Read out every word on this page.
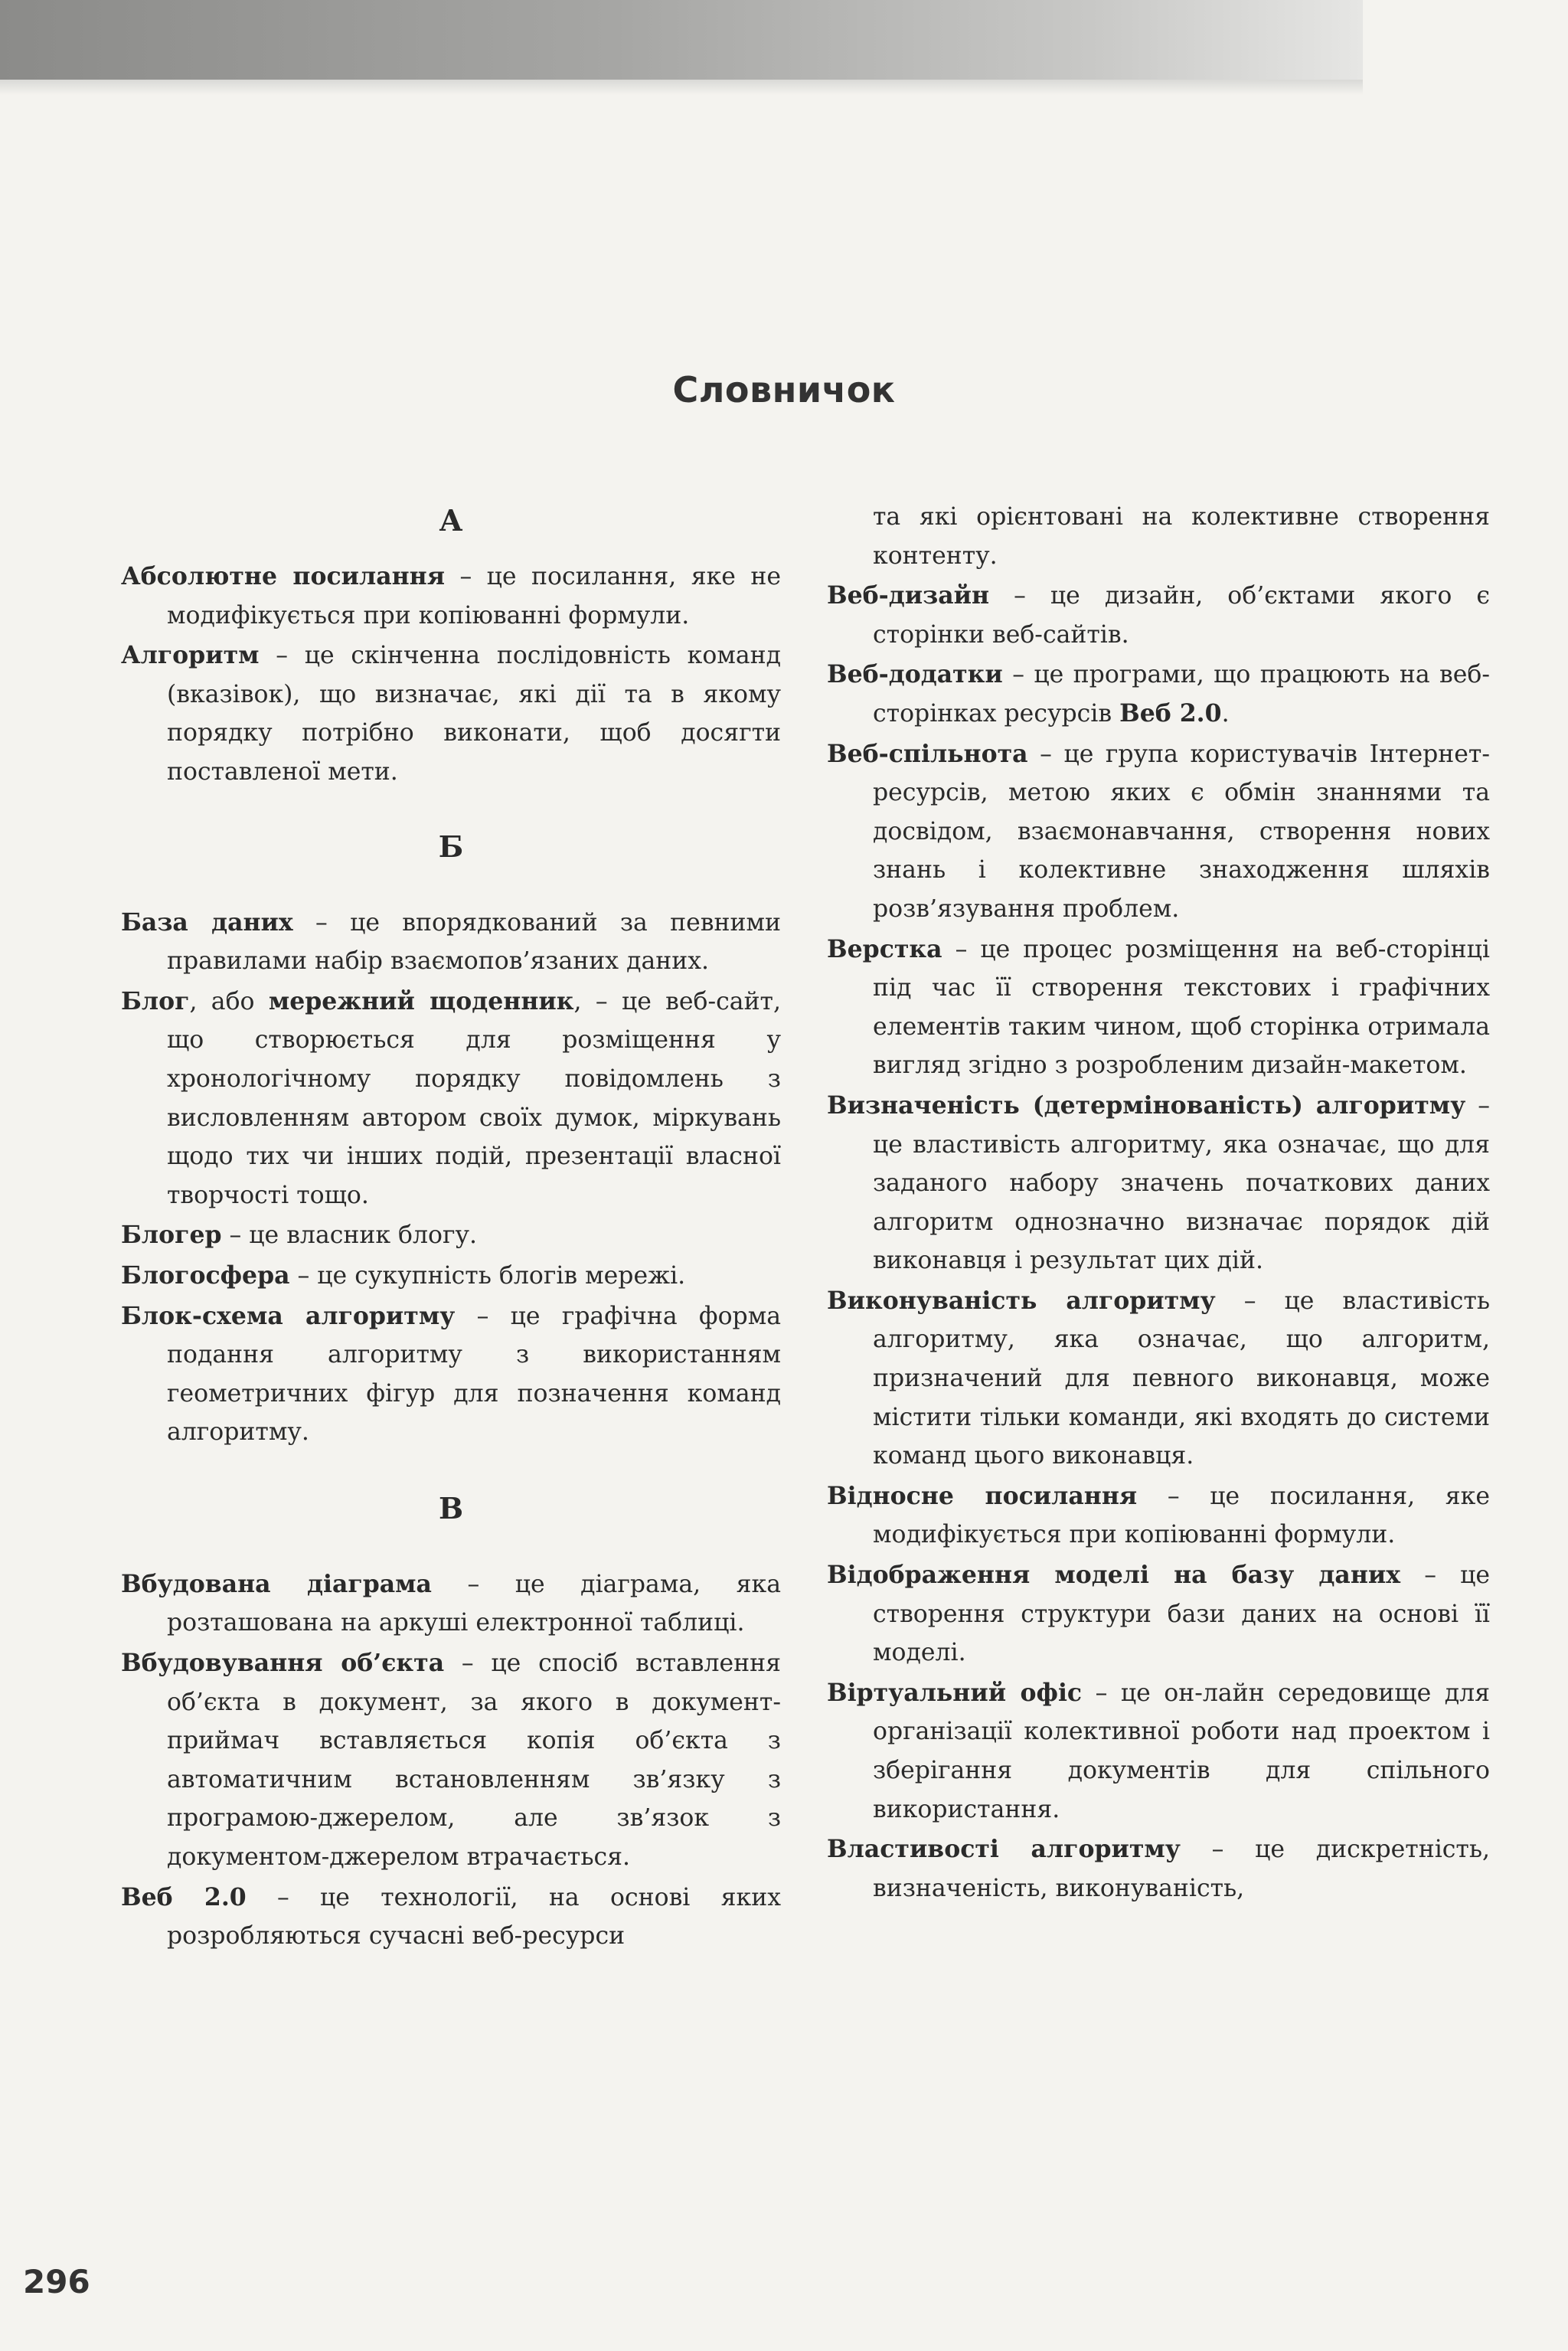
Словничок

А

Абсолютне посилання – це посилання, яке не модифікується при копіюванні формули.

Алгоритм – це скінченна послідовність команд (вказівок), що визначає, які дії та в якому порядку потрібно виконати, щоб досягти поставленої мети.

Б

База даних – це впорядкований за певними правилами набір взаємопов’язаних даних.

Блог, або мережний щоденник, – це веб-сайт, що створюється для розміщення у хронологічному порядку повідомлень з висловленням автором своїх думок, міркувань щодо тих чи інших подій, презентації власної творчості тощо.

Блогер – це власник блогу.

Блогосфера – це сукупність блогів мережі.

Блок-схема алгоритму – це графічна форма подання алгоритму з використанням геометричних фігур для позначення команд алгоритму.

В

Вбудована діаграма – це діаграма, яка розташована на аркуші електронної таблиці.

Вбудовування об’єкта – це спосіб вставлення об’єкта в документ, за якого в документ-приймач вставляється копія об’єкта з автоматичним встановленням зв’язку з програмою-джерелом, але зв’язок з документом-джерелом втрачається.

Веб 2.0 – це технології, на основі яких розробляються сучасні веб-ресурси

та які орієнтовані на колективне створення контенту.

Веб-дизайн – це дизайн, об’єктами якого є сторінки веб-сайтів.

Веб-додатки – це програми, що працюють на веб-сторінках ресурсів Веб 2.0.

Веб-спільнота – це група користувачів Інтернет-ресурсів, метою яких є обмін знаннями та досвідом, взаємонавчання, створення нових знань і колективне знаходження шляхів розв’язування проблем.

Верстка – це процес розміщення на веб-сторінці під час її створення текстових і графічних елементів таким чином, щоб сторінка отримала вигляд згідно з розробленим дизайн-макетом.

Визначеність (детермінованість) алгоритму – це властивість алгоритму, яка означає, що для заданого набору значень початкових даних алгоритм однозначно визначає порядок дій виконавця і результат цих дій.

Виконуваність алгоритму – це властивість алгоритму, яка означає, що алгоритм, призначений для певного виконавця, може містити тільки команди, які входять до системи команд цього виконавця.

Відносне посилання – це посилання, яке модифікується при копіюванні формули.

Відображення моделі на базу даних – це створення структури бази даних на основі її моделі.

Віртуальний офіс – це он-лайн середовище для організації колективної роботи над проектом і зберігання документів для спільного використання.

Властивості алгоритму – це дискретність, визначеність, виконуваність,

296
